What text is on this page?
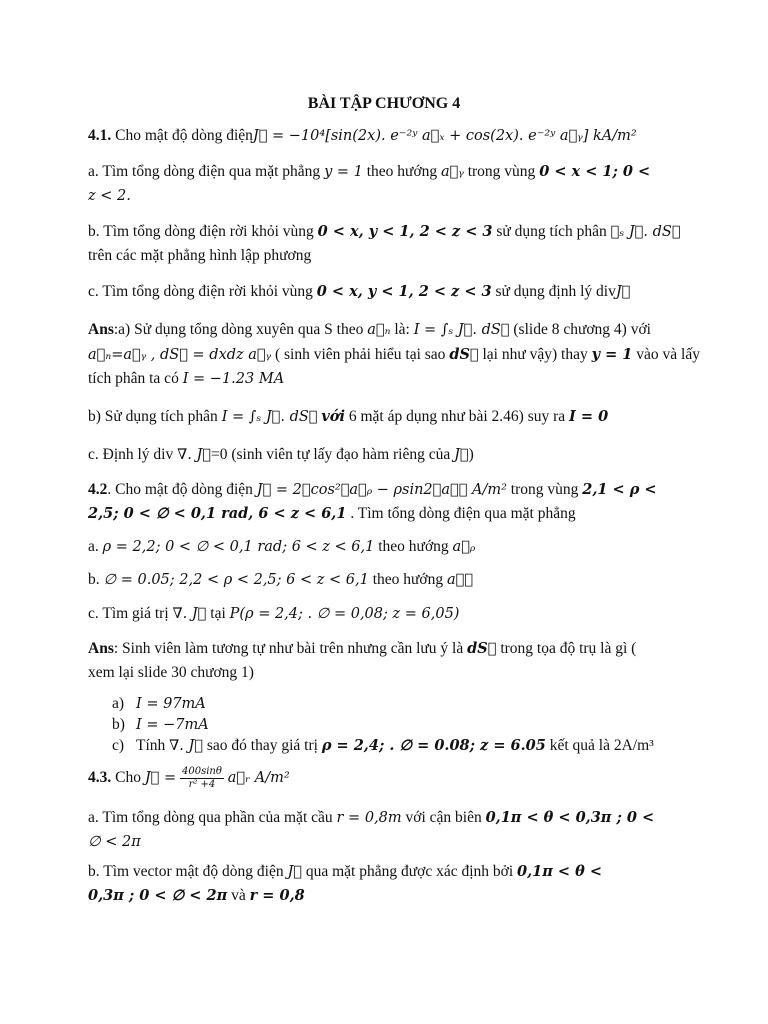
BÀI TẬP CHƯƠNG 4
4.1. Cho mật độ dòng điệnJ⃗ = −10⁴[sin(2x). e⁻²ʸ a⃗ₓ + cos(2x). e⁻²ʸ a⃗ᵧ] kA/m²
a. Tìm tổng dòng điện qua mặt phẳng y = 1 theo hướng a⃗ᵧ trong vùng 0 < x < 1; 0 <
z < 2.
b. Tìm tổng dòng điện rời khỏi vùng 0 < x, y < 1, 2 < z < 3 sử dụng tích phân ∮ₛ J⃗. dS⃗
trên các mặt phẳng hình lập phương
c. Tìm tổng dòng điện rời khỏi vùng 0 < x, y < 1, 2 < z < 3 sử dụng định lý divJ⃗
Ans:a) Sử dụng tổng dòng xuyên qua S theo a⃗ₙ là: I = ∫ₛ J⃗. dS⃗ (slide 8 chương 4) với
a⃗ₙ=a⃗ᵧ , dS⃗ = dxdz a⃗ᵧ ( sinh viên phải hiểu tại sao dS⃗ lại như vậy) thay y = 1 vào và lấy
tích phân ta có I = −1.23 MA
b) Sử dụng tích phân I = ∫ₛ J⃗. dS⃗ với 6 mặt áp dụng như bài 2.46) suy ra I = 0
c. Định lý div ∇. J⃗=0 (sinh viên tự lấy đạo hàm riêng của J⃗)
4.2. Cho mật độ dòng điện J⃗ = 2∅cos²∅a⃗ᵨ − ρsin2∅a⃗∅ A/m² trong vùng 2,1 < ρ <
2,5; 0 < ∅ < 0,1 rad, 6 < z < 6,1 . Tìm tổng dòng điện qua mặt phẳng
a. ρ = 2,2; 0 < ∅ < 0,1 rad; 6 < z < 6,1 theo hướng a⃗ᵨ
b. ∅ = 0.05; 2,2 < ρ < 2,5; 6 < z < 6,1 theo hướng a⃗∅
c. Tìm giá trị ∇. J⃗ tại P(ρ = 2,4; . ∅ = 0,08; z = 6,05)
Ans: Sinh viên làm tương tự như bài trên nhưng cần lưu ý là dS⃗ trong tọa độ trụ là gì (
xem lại slide 30 chương 1)
a) I = 97mA
b) I = −7mA
c) Tính ∇. J⃗ sao đó thay giá trị ρ = 2,4; . ∅ = 0.08; z = 6.05 kết quả là 2A/m³
4.3. Cho J⃗ = $\frac{400\sin\theta}{\text{r² +4}}$ a⃗ᵣ A/m²
a. Tìm tổng dòng qua phần của mặt cầu r = 0,8m với cận biên 0,1π < θ < 0,3π ; 0 <
∅ < 2π
b. Tìm vector mật độ dòng điện J⃗ qua mặt phẳng được xác định bởi 0,1π < θ <
0,3π ; 0 < ∅ < 2π và r = 0,8
